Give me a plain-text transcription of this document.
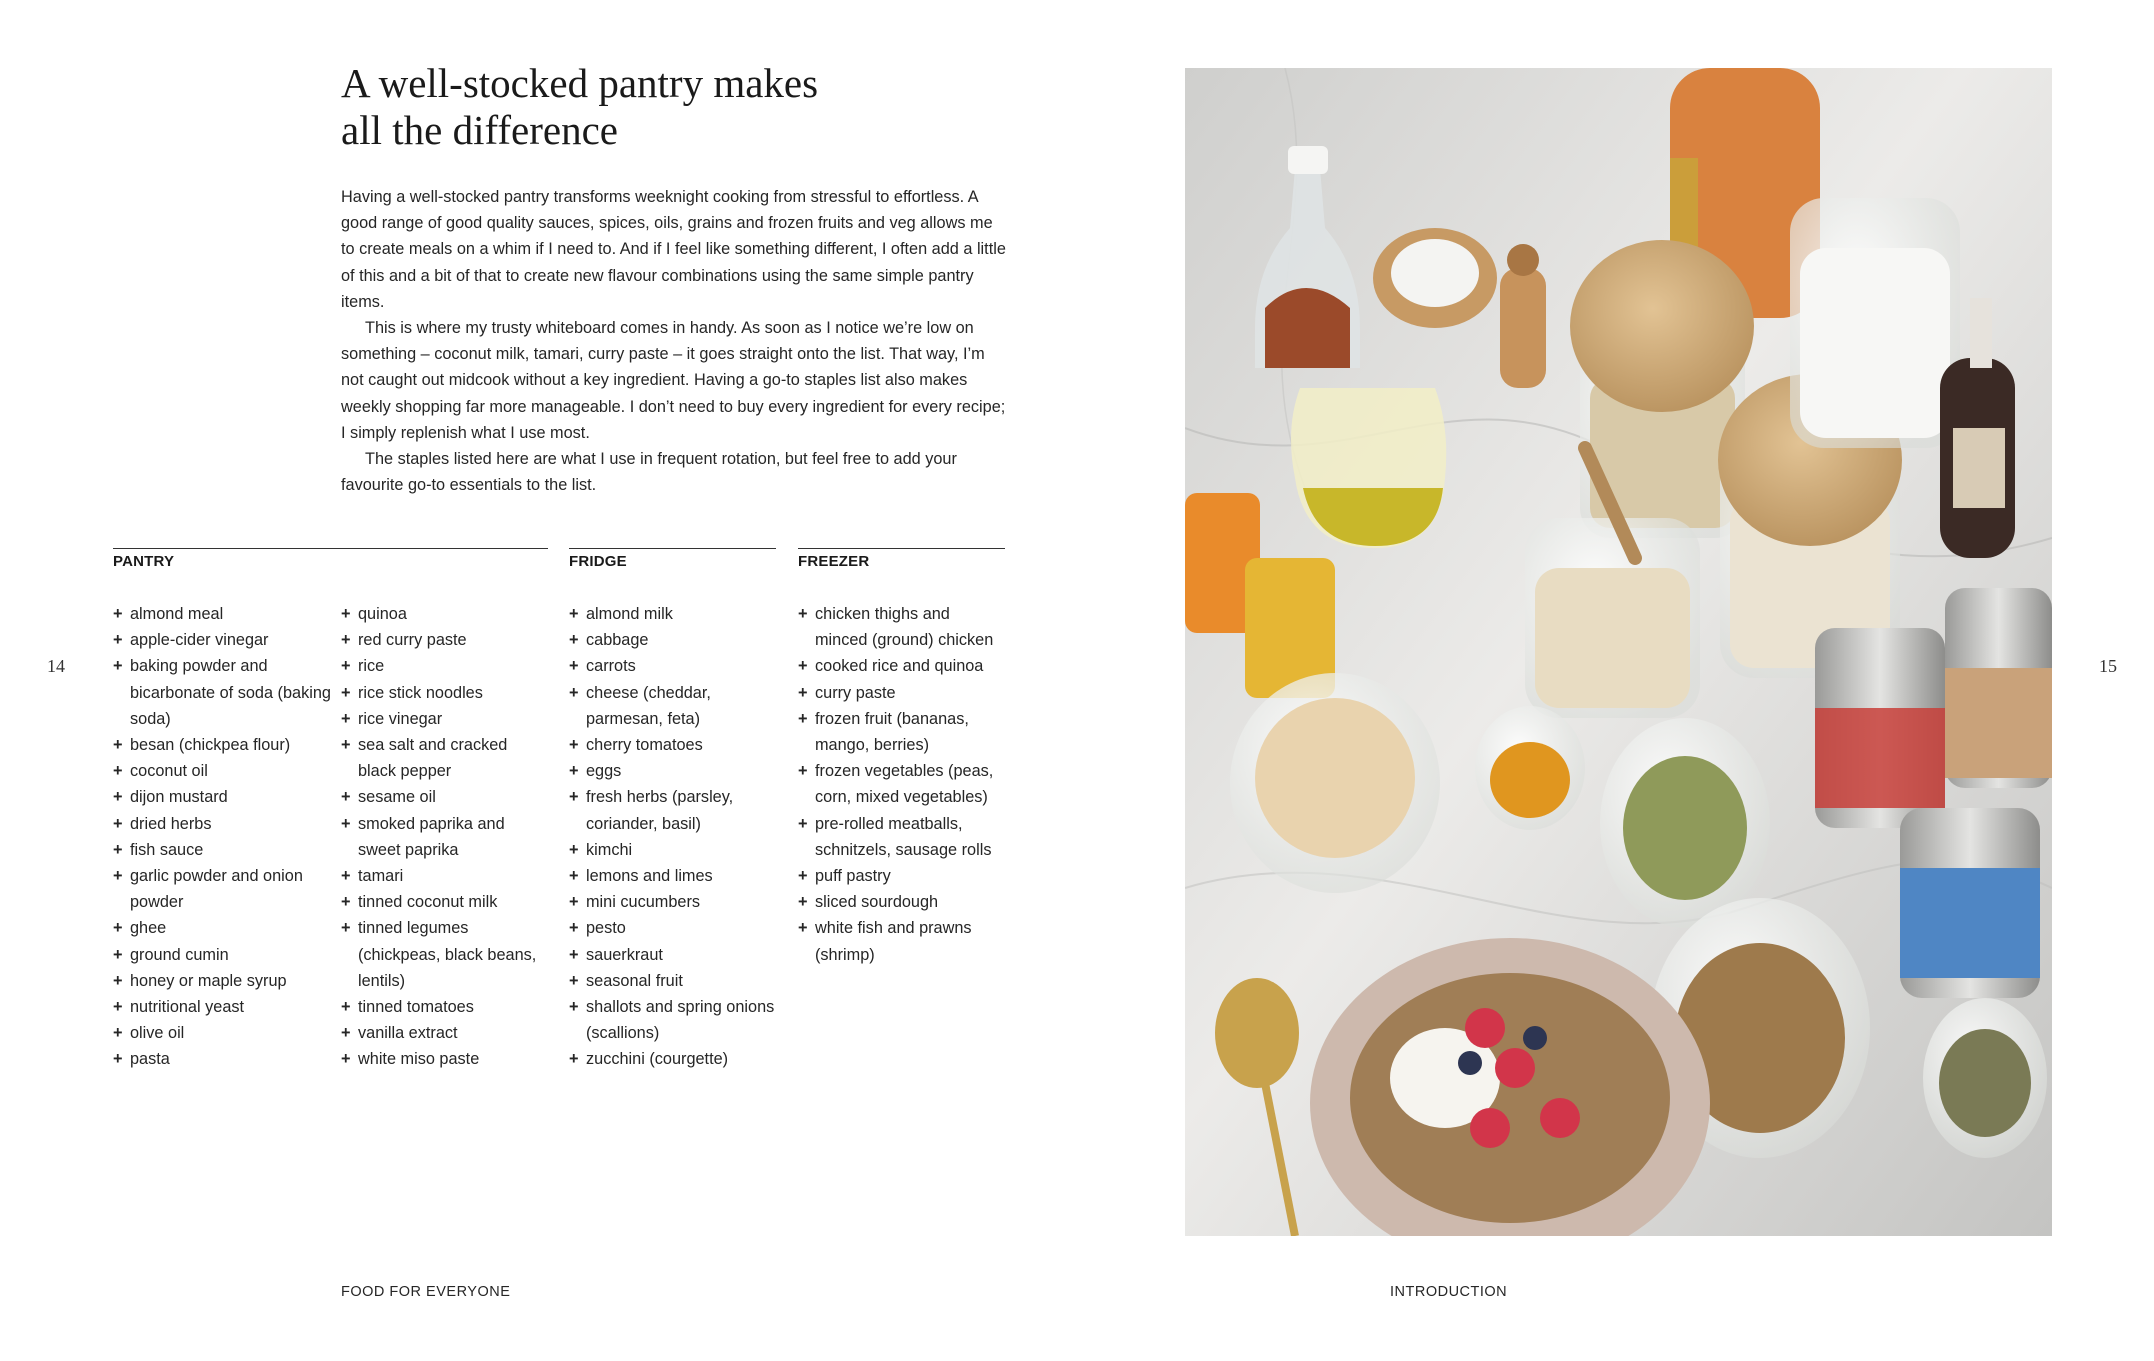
A well-stocked pantry makes
all the difference

Having a well-stocked pantry transforms weeknight cooking from stressful to effortless. A good range of good quality sauces, spices, oils, grains and frozen fruits and veg allows me to create meals on a whim if I need to. And if I feel like something different, I often add a little of this and a bit of that to create new flavour combinations using the same simple pantry items.

This is where my trusty whiteboard comes in handy. As soon as I notice we’re low on something – coconut milk, tamari, curry paste – it goes straight onto the list. That way, I’m not caught out midcook without a key ingredient. Having a go-to staples list also makes weekly shopping far more manageable. I don’t need to buy every ingredient for every recipe; I simply replenish what I use most.

The staples listed here are what I use in frequent rotation, but feel free to add your favourite go-to essentials to the list.

PANTRY
+ almond meal
+ apple-cider vinegar
+ baking powder and bicarbonate of soda (baking soda)
+ besan (chickpea flour)
+ coconut oil
+ dijon mustard
+ dried herbs
+ fish sauce
+ garlic powder and onion powder
+ ghee
+ ground cumin
+ honey or maple syrup
+ nutritional yeast
+ olive oil
+ pasta
+ quinoa
+ red curry paste
+ rice
+ rice stick noodles
+ rice vinegar
+ sea salt and cracked black pepper
+ sesame oil
+ smoked paprika and sweet paprika
+ tamari
+ tinned coconut milk
+ tinned legumes (chickpeas, black beans, lentils)
+ tinned tomatoes
+ vanilla extract
+ white miso paste
FRIDGE
+ almond milk
+ cabbage
+ carrots
+ cheese (cheddar, parmesan, feta)
+ cherry tomatoes
+ eggs
+ fresh herbs (parsley, coriander, basil)
+ kimchi
+ lemons and limes
+ mini cucumbers
+ pesto
+ sauerkraut
+ seasonal fruit
+ shallots and spring onions (scallions)
+ zucchini (courgette)
FREEZER
+ chicken thighs and minced (ground) chicken
+ cooked rice and quinoa
+ curry paste
+ frozen fruit (bananas, mango, berries)
+ frozen vegetables (peas, corn, mixed vegetables)
+ pre-rolled meatballs, schnitzels, sausage rolls
+ puff pastry
+ sliced sourdough
+ white fish and prawns (shrimp)
14	15
FOOD FOR EVERYONE	INTRODUCTION
